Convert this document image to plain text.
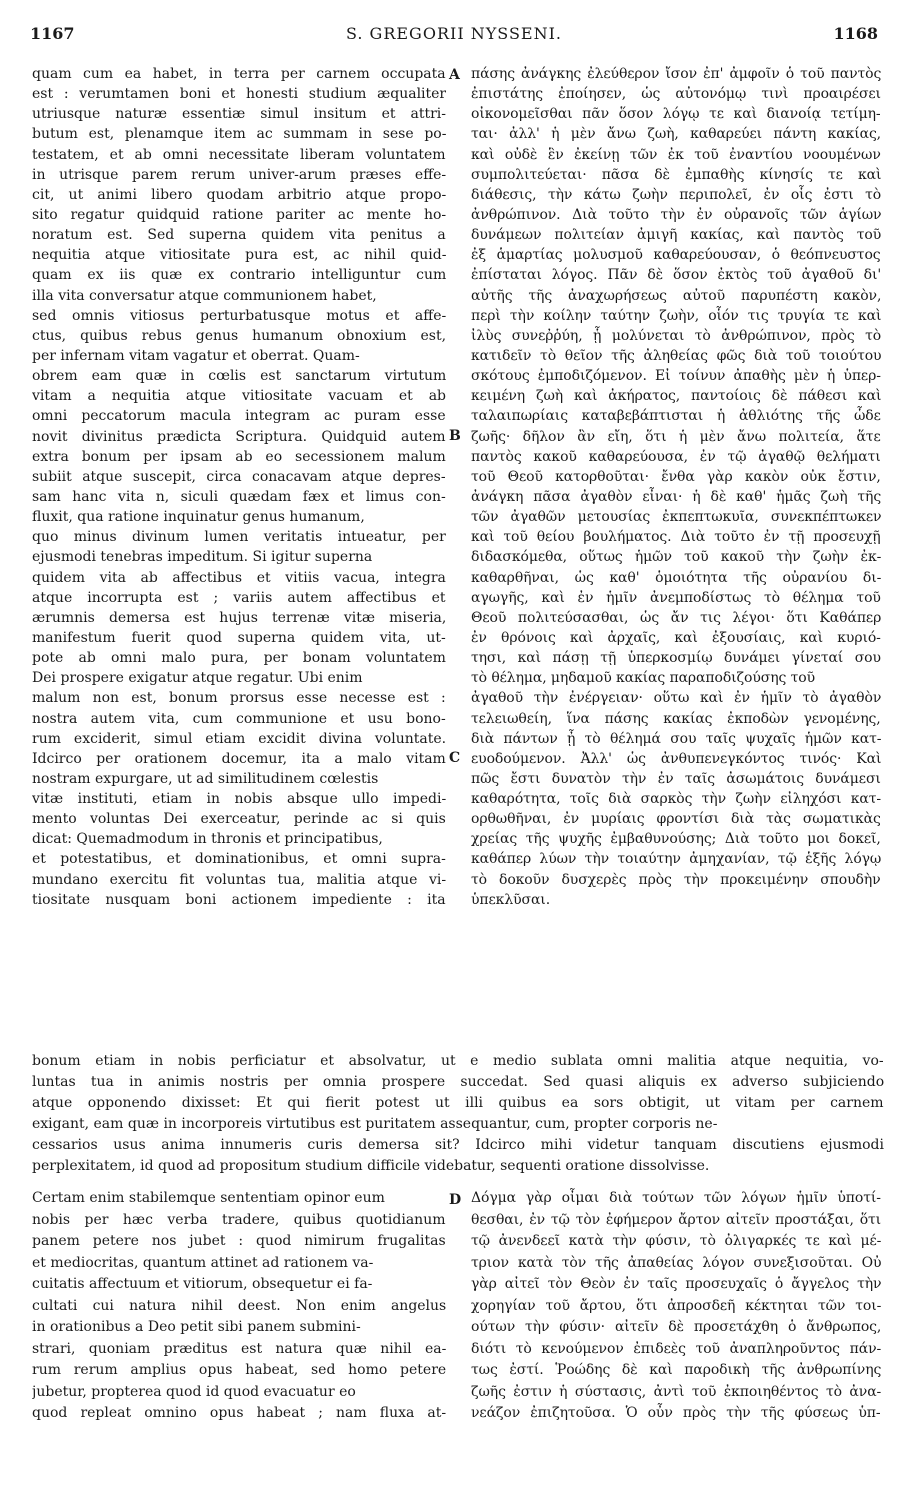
1167	S. GREGORII NYSSENI.	1168
A
B
C
D
quam cum ea habet, in terra per carnem occupata
est : verumtamen boni et honesti studium æqualiter
utriusque naturæ essentiæ simul insitum et attri-
butum est, plenamque item ac summam in sese po-
testatem, et ab omni necessitate liberam voluntatem
in utrisque parem rerum univer-arum præses effe-
cit, ut animi libero quodam arbitrio atque propo-
sito regatur quidquid ratione pariter ac mente ho-
noratum est. Sed superna quidem vita penitus a
nequitia atque vitiositate pura est, ac nihil quid-
quam ex iis quæ ex contrario intelliguntur cum
illa vita conversatur atque communionem habet,
sed omnis vitiosus perturbatusque motus et affe-
ctus, quibus rebus genus humanum obnoxium est,
per infernam vitam vagatur et oberrat. Quam-
obrem eam quæ in cœlis est sanctarum virtutum
vitam a nequitia atque vitiositate vacuam et ab
omni peccatorum macula integram ac puram esse
novit divinitus prædicta Scriptura. Quidquid autem
extra bonum per ipsam ab eo secessionem malum
subiit atque suscepit, circa conacavam atque depres-
sam hanc vita n, siculi quædam fæx et limus con-
fluxit, qua ratione inquinatur genus humanum,
quo minus divinum lumen veritatis intueatur, per
ejusmodi tenebras impeditum. Si igitur superna
quidem vita ab affectibus et vitiis vacua, integra
atque incorrupta est ; variis autem affectibus et
ærumnis demersa est hujus terrenæ vitæ miseria,
manifestum fuerit quod superna quidem vita, ut-
pote ab omni malo pura, per bonam voluntatem
Dei prospere exigatur atque regatur. Ubi enim
malum non est, bonum prorsus esse necesse est :
nostra autem vita, cum communione et usu bono-
rum exciderit, simul etiam excidit divina voluntate.
Idcirco per orationem docemur, ita a malo vitam
nostram expurgare, ut ad similitudinem cœlestis
vitæ instituti, etiam in nobis absque ullo impedi-
mento voluntas Dei exerceatur, perinde ac si quis
dicat: Quemadmodum in thronis et principatibus,
et potestatibus, et dominationibus, et omni supra-
mundano exercitu fit voluntas tua, malitia atque vi-
tiositate nusquam boni actionem impediente : ita
πάσης ἀνάγκης ἐλεύθερον ἴσον ἐπ' ἀμφοῖν ὁ τοῦ παντὸς
ἐπιστάτης ἐποίησεν, ὡς αὐτονόμῳ τινὶ προαιρέσει
οἰκονομεῖσθαι πᾶν ὅσον λόγῳ τε καὶ διανοίᾳ τετίμη-
ται· ἀλλ' ἡ μὲν ἄνω ζωὴ, καθαρεύει πάντη κακίας,
καὶ οὐδὲ ἓν ἐκείνῃ τῶν ἐκ τοῦ ἐναντίου νοουμένων
συμπολιτεύεται· πᾶσα δὲ ἐμπαθὴς κίνησίς τε καὶ
διάθεσις, τὴν κάτω ζωὴν περιπολεῖ, ἐν οἷς ἐστι τὸ
ἀνθρώπινον. Διὰ τοῦτο τὴν ἐν οὐρανοῖς τῶν ἁγίων
δυνάμεων πολιτείαν ἀμιγῆ κακίας, καὶ παντὸς τοῦ
ἐξ ἁμαρτίας μολυσμοῦ καθαρεύουσαν, ὁ θεόπνευστος
ἐπίσταται λόγος. Πᾶν δὲ ὅσον ἐκτὸς τοῦ ἀγαθοῦ δι'
αὐτῆς τῆς ἀναχωρήσεως αὐτοῦ παρυπέστη κακὸν,
περὶ τὴν κοίλην ταύτην ζωὴν, οἷόν τις τρυγία τε καὶ
ἰλὺς συνεῤῥύη, ᾗ μολύνεται τὸ ἀνθρώπινον, πρὸς τὸ
κατιδεῖν τὸ θεῖον τῆς ἀληθείας φῶς διὰ τοῦ τοιούτου
σκότους ἐμποδιζόμενον. Εἰ τοίνυν ἀπαθὴς μὲν ἡ ὑπερ-
κειμένη ζωὴ καὶ ἀκήρατος, παντοίοις δὲ πάθεσι καὶ
ταλαιπωρίαις καταβεβάπτισται ἡ ἀθλιότης τῆς ὧδε
ζωῆς· δῆλον ἂν εἴη, ὅτι ἡ μὲν ἄνω πολιτεία, ἅτε
παντὸς κακοῦ καθαρεύουσα, ἐν τῷ ἀγαθῷ θελήματι
τοῦ Θεοῦ κατορθοῦται· ἔνθα γὰρ κακὸν οὐκ ἔστιν,
ἀνάγκη πᾶσα ἀγαθὸν εἶναι· ἡ δὲ καθ' ἡμᾶς ζωὴ τῆς
τῶν ἀγαθῶν μετουσίας ἐκπεπτωκυῖα, συνεκπέπτωκεν
καὶ τοῦ θείου βουλήματος. Διὰ τοῦτο ἐν τῇ προσευχῇ
διδασκόμεθα, οὕτως ἡμῶν τοῦ κακοῦ τὴν ζωὴν ἐκ-
καθαρθῆναι, ὡς καθ' ὁμοιότητα τῆς οὐρανίου δι-
αγωγῆς, καὶ ἐν ἡμῖν ἀνεμποδίστως τὸ θέλημα τοῦ
Θεοῦ πολιτεύσασθαι, ὡς ἄν τις λέγοι· ὅτι Καθάπερ
ἐν θρόνοις καὶ ἀρχαῖς, καὶ ἐξουσίαις, καὶ κυριό-
τησι, καὶ πάσῃ τῇ ὑπερκοσμίῳ δυνάμει γίνεταί σου
τὸ θέλημα, μηδαμοῦ κακίας παραποδιζούσης τοῦ
ἀγαθοῦ τὴν ἐνέργειαν· οὕτω καὶ ἐν ἡμῖν τὸ ἀγαθὸν
τελειωθείη, ἵνα πάσης κακίας ἐκποδὼν γενομένης,
διὰ πάντων ᾖ τὸ θέλημά σου ταῖς ψυχαῖς ἡμῶν κατ-
ευοδούμενον. Ἀλλ' ὡς ἀνθυπενεγκόντος τινός· Καὶ
πῶς ἔστι δυνατὸν τὴν ἐν ταῖς ἀσωμάτοις δυνάμεσι
καθαρότητα, τοῖς διὰ σαρκὸς τὴν ζωὴν εἰληχόσι κατ-
ορθωθῆναι, ἐν μυρίαις φροντίσι διὰ τὰς σωματικὰς
χρείας τῆς ψυχῆς ἐμβαθυνούσης; Διὰ τοῦτο μοι δοκεῖ,
καθάπερ λύων τὴν τοιαύτην ἀμηχανίαν, τῷ ἑξῆς λόγῳ
τὸ δοκοῦν δυσχερὲς πρὸς τὴν προκειμένην σπουδὴν
ὑπεκλῦσαι.
bonum etiam in nobis perficiatur et absolvatur, ut e medio sublata omni malitia atque nequitia, vo-
luntas tua in animis nostris per omnia prospere succedat. Sed quasi aliquis ex adverso subjiciendo
atque opponendo dixisset: Et qui fierit potest ut illi quibus ea sors obtigit, ut vitam per carnem
exigant, eam quæ in incorporeis virtutibus est puritatem assequantur, cum, propter corporis ne-
cessarios usus anima innumeris curis demersa sit? Idcirco mihi videtur tanquam discutiens ejusmodi
perplexitatem, id quod ad propositum studium difficile videbatur, sequenti oratione dissolvisse.
Certam enim stabilemque sententiam opinor eum
nobis per hæc verba tradere, quibus quotidianum
panem petere nos jubet : quod nimirum frugalitas
et mediocritas, quantum attinet ad rationem va-
cuitatis affectuum et vitiorum, obsequetur ei fa-
cultati cui natura nihil deest. Non enim angelus
in orationibus a Deo petit sibi panem submini-
strari, quoniam præditus est natura quæ nihil ea-
rum rerum amplius opus habeat, sed homo petere
jubetur, propterea quod id quod evacuatur eo
quod repleat omnino opus habeat ; nam fluxa at-
Δόγμα γὰρ οἶμαι διὰ τούτων τῶν λόγων ἡμῖν ὑποτί-
θεσθαι, ἐν τῷ τὸν ἐφήμερον ἄρτον αἰτεῖν προστάξαι, ὅτι
τῷ ἀνενδεεῖ κατὰ τὴν φύσιν, τὸ ὀλιγαρκές τε καὶ μέ-
τριον κατὰ τὸν τῆς ἀπαθείας λόγον συνεξισοῦται. Οὐ
γὰρ αἰτεῖ τὸν Θεὸν ἐν ταῖς προσευχαῖς ὁ ἄγγελος τὴν
χορηγίαν τοῦ ἄρτου, ὅτι ἀπροσδεῆ κέκτηται τῶν τοι-
ούτων τὴν φύσιν· αἰτεῖν δὲ προσετάχθη ὁ ἄνθρωπος,
διότι τὸ κενούμενον ἐπιδεὲς τοῦ ἀναπληροῦντος πάν-
τως ἐστί. Ῥοώδης δὲ καὶ παροδικὴ τῆς ἀνθρωπίνης
ζωῆς ἐστιν ἡ σύστασις, ἀντὶ τοῦ ἐκποιηθέντος τὸ ἀνα-
νεάζον ἐπιζητοῦσα. Ὁ οὖν πρὸς τὴν τῆς φύσεως ὑπ-
